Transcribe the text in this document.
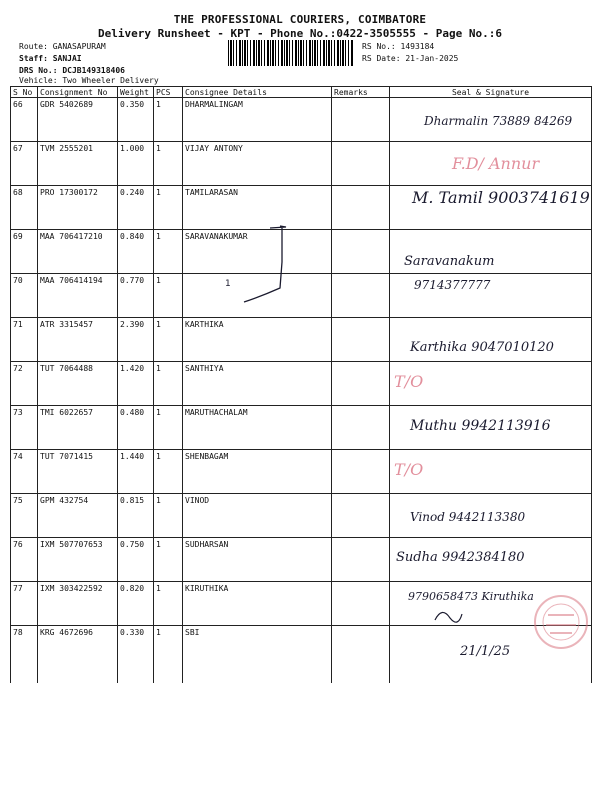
THE PROFESSIONAL COURIERS, COIMBATORE
Delivery Runsheet - KPT - Phone No.:0422-3505555 - Page No.:6
Route: GANASAPURAM
Staff: SANJAI
DRS No.: DCJB149318406
Vehicle: Two Wheeler Delivery
RS No.: 1493184
RS Date: 21-Jan-2025
S No	Consignment No	Weight	PCS	Consignee Details	Remarks	Seal & Signature
66	GDR 5402689	0.350	1	DHARMALINGAM		Dharmalin 73889 84269

67	TVM 2555201	1.000	1	VIJAY ANTONY		F.D/ Annur

68	PRO 17300172	0.240	1	TAMILARASAN		M. Tamil 9003741619

69	MAA 706417210	0.840	1	SARAVANAKUMAR		Saravanakum

70	MAA 706414194	0.770	1			9714377777

71	ATR 3315457	2.390	1	KARTHIKA		Karthika 9047010120

72	TUT 7064488	1.420	1	SANTHIYA		T/O

73	TMI 6022657	0.480	1	MARUTHACHALAM		Muthu 9942113916

74	TUT 7071415	1.440	1	SHENBAGAM		T/O

75	GPM 432754	0.815	1	VINOD		Vinod 9442113380

76	IXM 507707653	0.750	1	SUDHARSAN		Sudha 9942384180

77	IXM 303422592	0.820	1	KIRUTHIKA		9790658473 Kiruthika

78	KRG 4672696	0.330	1	SBI		21/1/25
1
